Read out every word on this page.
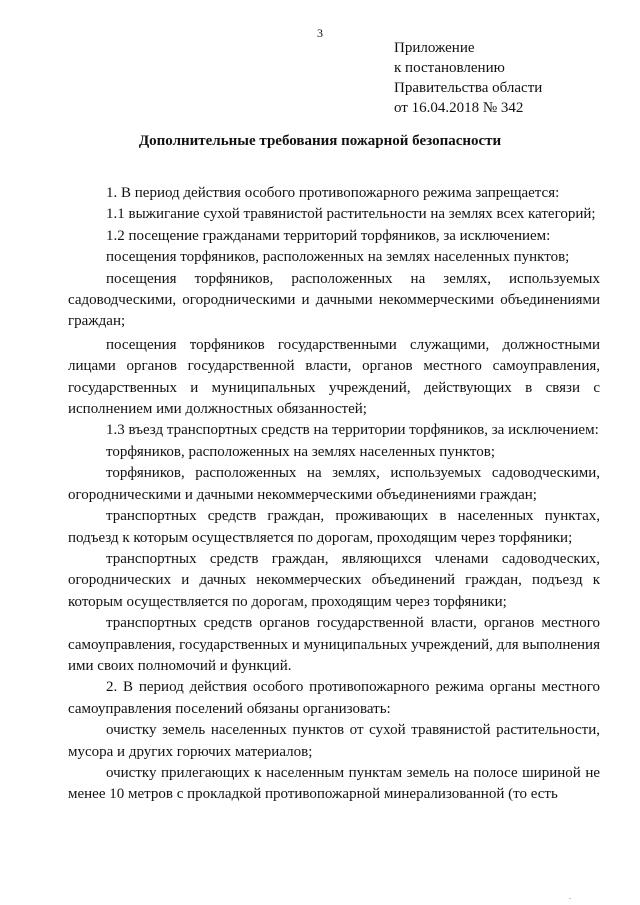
3
Приложение
к постановлению
Правительства области
от 16.04.2018 № 342
Дополнительные требования пожарной безопасности

1. В период действия особого противопожарного режима запрещается:

1.1 выжигание сухой травянистой растительности на землях всех категорий;

1.2 посещение гражданами территорий торфяников, за исключением:

посещения торфяников, расположенных на землях населенных пунктов;

посещения торфяников, расположенных на землях, используемых садоводческими, огородническими и дачными некоммерческими объединениями граждан;

посещения торфяников государственными служащими, должностными лицами органов государственной власти, органов местного самоуправления, государственных и муниципальных учреждений, действующих в связи с исполнением ими должностных обязанностей;

1.3 въезд транспортных средств на территории торфяников, за исключением:

торфяников, расположенных на землях населенных пунктов;

торфяников, расположенных на землях, используемых садоводческими, огородническими и дачными некоммерческими объединениями граждан;

транспортных средств граждан, проживающих в населенных пунктах, подъезд к которым осуществляется по дорогам, проходящим через торфяники;

транспортных средств граждан, являющихся членами садоводческих, огороднических и дачных некоммерческих объединений граждан, подъезд к которым осуществляется по дорогам, проходящим через торфяники;

транспортных средств органов государственной власти, органов местного самоуправления, государственных и муниципальных учреждений, для выполнения ими своих полномочий и функций.

2. В период действия особого противопожарного режима органы местного самоуправления поселений обязаны организовать:

очистку земель населенных пунктов от сухой травянистой растительности, мусора и других горючих материалов;

очистку прилегающих к населенным пунктам земель на полосе шириной не менее 10 метров с прокладкой противопожарной минерализованной (то есть

.
